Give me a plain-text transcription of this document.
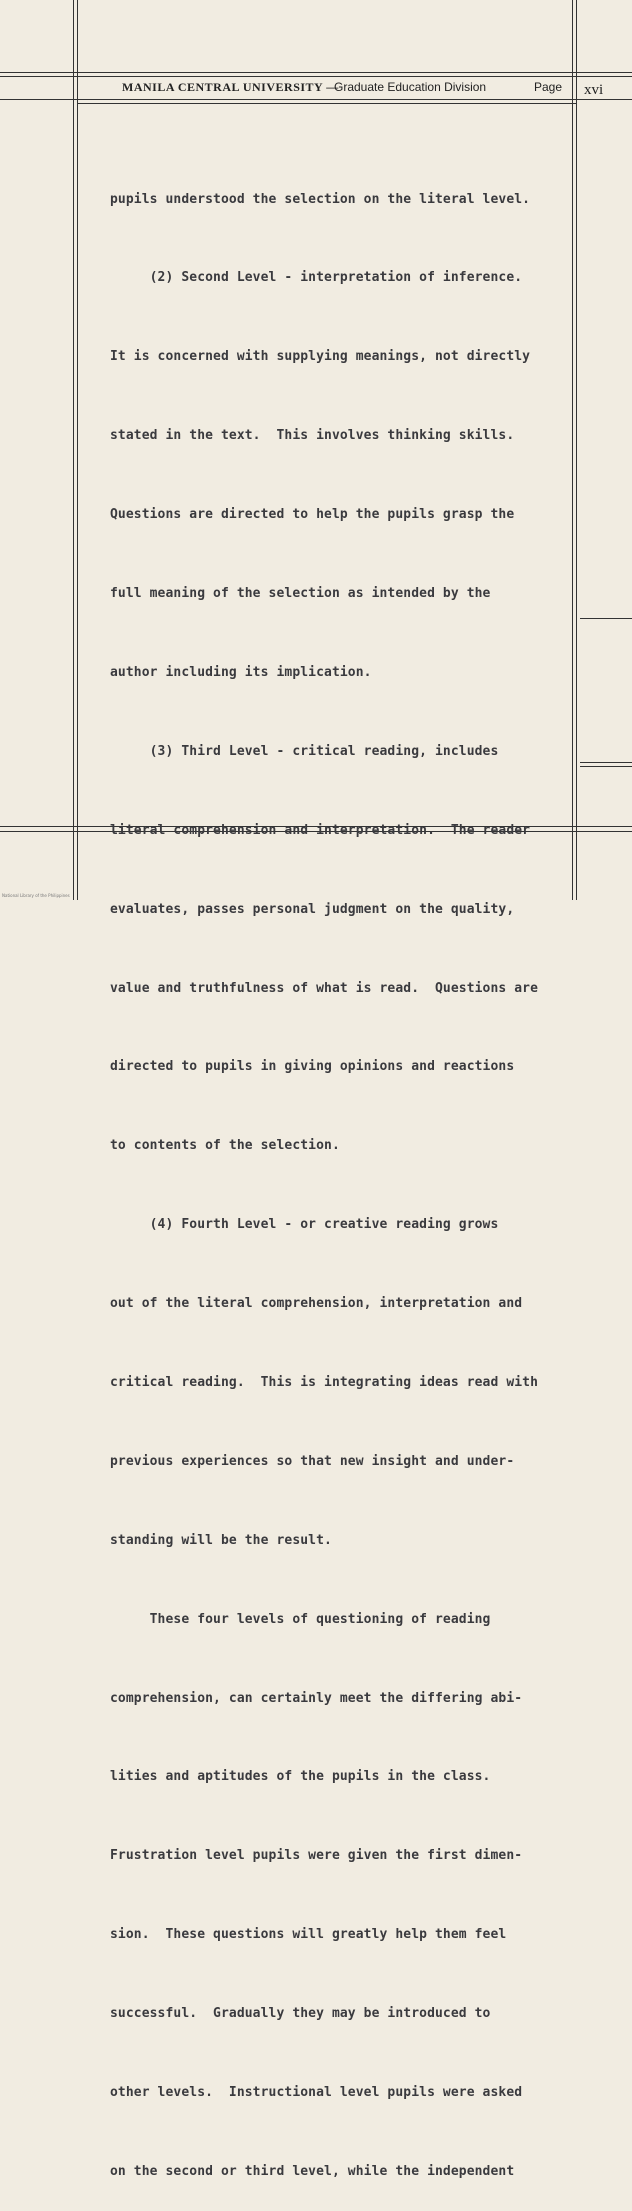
MANILA CENTRAL UNIVERSITY —
Graduate Education Division	Page xvi

pupils understood the selection on the literal level.

(2) Second Level - interpretation of inference.

It is concerned with supplying meanings, not directly

stated in the text.  This involves thinking skills.

Questions are directed to help the pupils grasp the

full meaning of the selection as intended by the

author including its implication.

(3) Third Level - critical reading, includes

literal comprehension and interpretation.  The reader

evaluates, passes personal judgment on the quality,

value and truthfulness of what is read.  Questions are

directed to pupils in giving opinions and reactions

to contents of the selection.

(4) Fourth Level - or creative reading grows

out of the literal comprehension, interpretation and

critical reading.  This is integrating ideas read with

previous experiences so that new insight and under-

standing will be the result.

These four levels of questioning of reading

comprehension, can certainly meet the differing abi-

lities and aptitudes of the pupils in the class.

Frustration level pupils were given the first dimen-

sion.  These questions will greatly help them feel

successful.  Gradually they may be introduced to

other levels.  Instructional level pupils were asked

on the second or third level, while the independent

National Library of the Philippines
